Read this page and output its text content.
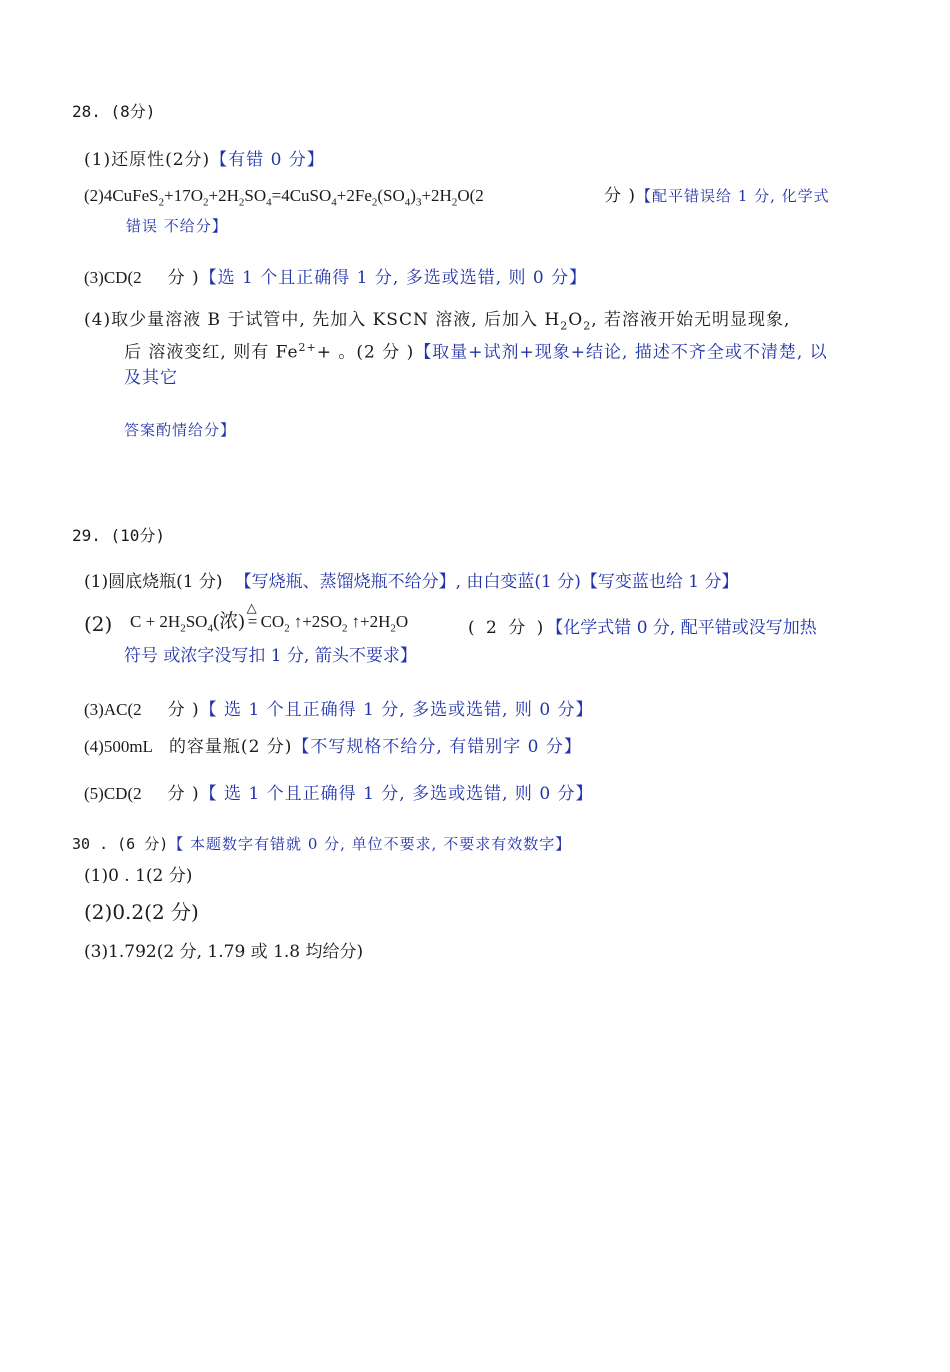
28. (8分)
(1)还原性(2分)【有错 0 分】
$(2)4CuFeS_2+17O_2+2H_2SO_4=4CuSO_4+2Fe_2(SO_4)_3+2H_2O(2$	分 )【配平错误给 1 分, 化学式
错误 不给分】
(3)CD(2 分 )【选 1 个且正确得 1 分, 多选或选错, 则 0 分】
(4)取少量溶液 B 于试管中, 先加入 KSCN 溶液, 后加入 $H_2O_2$, 若溶液开始无明显现象,
后 溶液变红, 则有 $Fe^{2+}+$ 。(2 分 )【取量+试剂+现象+结论, 描述不齐全或不清楚, 以
及其它
答案酌情给分】
29. (10分)
(1)圆底烧瓶(1 分) 【写烧瓶、蒸馏烧瓶不给分】, 由白变蓝(1 分)【写变蓝也给 1 分】
(2) $C + 2H_2SO_4$(浓)
△
= $CO_2$ $↑+2SO_2$ $↑+2H_2O$	( 2 分 )【化学式错 0 分, 配平错或没写加热
符号 或浓字没写扣 1 分, 箭头不要求】
(3)AC(2 分 )【 选 1 个且正确得 1 分, 多选或选错, 则 0 分】
(4)500mL 的容量瓶(2 分)【不写规格不给分, 有错别字 0 分】
(5)CD(2 分 )【 选 1 个且正确得 1 分, 多选或选错, 则 0 分】
30 . (6 分)【 本题数字有错就 0 分, 单位不要求, 不要求有效数字】
(1)0 . 1(2 分)
(2)0.2(2 分)
(3)1.792(2 分, 1.79 或 1.8 均给分)
